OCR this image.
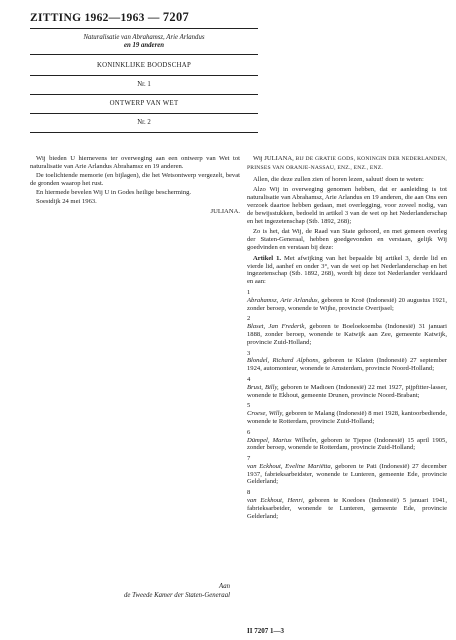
ZITTING 1962—1963 — 7207
Naturalisatie van Abrahamsz, Arie Arlandus
en 19 anderen
KONINKLIJKE BOODSCHAP
Nr. 1
ONTWERP VAN WET
Nr. 2

Wij bieden U hiernevens ter overweging aan een ontwerp van Wet tot naturalisatie van Arie Arlandus Abrahamsz en 19 anderen.

De toelichtende memorie (en bijlagen), die het Wetsontwerp vergezelt, bevat de gronden waarop het rust.

En hiermede bevelen Wij U in Godes heilige bescherming.

Soestdijk 24 mei 1963.

JULIANA.

Aan
de Tweede Kamer der Staten-Generaal

Wij JULIANA, BIJ DE GRATIE GODS, KONINGIN DER NEDERLANDEN, PRINSES VAN ORANJE-NASSAU, ENZ., ENZ., ENZ.

Allen, die deze zullen zien of horen lezen, saluut! doen te weten:

Alzo Wij in overweging genomen hebben, dat er aanleiding is tot naturalisatie van Abrahamsz, Arie Arlandus en 19 anderen, die aan Ons een verzoek daartoe hebben gedaan, met overlegging, voor zoveel nodig, van de bewijsstukken, bedoeld in artikel 3 van de wet op het Nederlanderschap en het ingezetenschap (Stb. 1892, 268);

Zo is het, dat Wij, de Raad van State gehoord, en met gemeen overleg der Staten-Generaal, hebben goedgevonden en verstaan, gelijk Wij goedvinden en verstaan bij deze:

Artikel 1. Met afwijking van het bepaalde bij artikel 3, derde lid en vierde lid, aanhef en onder 3°, van de wet op het Nederlanderschap en het ingezetenschap (Stb. 1892, 268), wordt bij deze tot Nederlander verklaard en aan:

1

Abrahamsz, Arie Arlandus, geboren te Kroë (Indonesië) 20 augustus 1921, zonder beroep, wonende te Wijhe, provincie Overijssel;

2

Blaset, Jan Frederik, geboren te Boeloekoemba (Indonesië) 31 januari 1888, zonder beroep, wonende te Katwijk aan Zee, gemeente Katwijk, provincie Zuid-Holland;

3

Blondel, Richard Alphons, geboren te Klaten (Indonesië) 27 september 1924, automonteur, wonende te Amsterdam, provincie Noord-Holland;

4

Brust, Billy, geboren te Madioen (Indonesië) 22 mei 1927, pijpfitter-lasser, wonende te Ekhout, gemeente Drunen, provincie Noord-Brabant;

5

Croese, Willy, geboren te Malang (Indonesië) 8 mei 1928, kantoorbediende, wonende te Rotterdam, provincie Zuid-Holland;

6

Dümpel, Marius Wilhelm, geboren te Tjepoe (Indonesië) 15 april 1905, zonder beroep, wonende te Rotterdam, provincie Zuid-Holland;

7

van Eckhout, Eveline Mariëtta, geboren te Pati (Indonesië) 27 december 1937, fabrieksarbeidster, wonende te Lunteren, gemeente Ede, provincie Gelderland;

8

van Eckhout, Henri, geboren te Koedoes (Indonesië) 5 januari 1941, fabrieksarbeider, wonende te Lunteren, gemeente Ede, provincie Gelderland;

II 7207 1—3
